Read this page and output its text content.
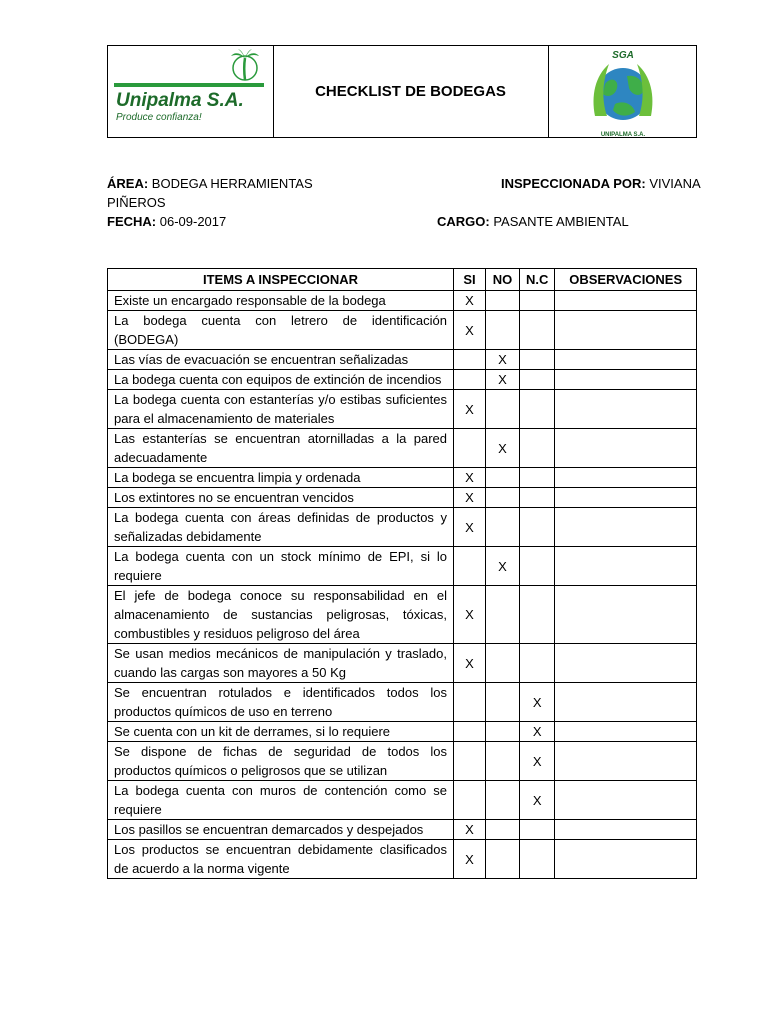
Unipalma S.A.
Produce confianza!
CHECKLIST DE BODEGAS
SGA
UNIPALMA S.A.
ÁREA: BODEGA HERRAMIENTAS
PIÑEROS
INSPECCIONADA POR: VIVIANA
FECHA: 06-09-2017	CARGO: PASANTE AMBIENTAL
ITEMS A INSPECCIONAR	SI	NO	N.C	OBSERVACIONES
Existe un encargado responsable de la bodega	X			
La bodega cuenta con letrero de identificación (BODEGA)	X			
Las vías de evacuación se encuentran señalizadas		X		
La bodega cuenta con equipos de extinción de incendios		X		
La bodega cuenta con estanterías y/o estibas suficientes para el almacenamiento de materiales	X			
Las estanterías se encuentran atornilladas a la pared adecuadamente		X		
La bodega se encuentra limpia y ordenada	X			
Los extintores no se encuentran vencidos	X			
La bodega cuenta con áreas definidas de productos y señalizadas debidamente	X			
La bodega cuenta con un stock mínimo de EPI, si lo requiere		X		
El jefe de bodega conoce su responsabilidad en el almacenamiento de sustancias peligrosas, tóxicas, combustibles y residuos peligroso del área	X			
Se usan medios mecánicos de manipulación y traslado, cuando las cargas son mayores a 50 Kg	X			
Se encuentran rotulados e identificados todos los productos químicos de uso en terreno			X	
Se cuenta con un kit de derrames, si lo requiere			X	
Se dispone de fichas de seguridad de todos los productos químicos o peligrosos que se utilizan			X	
La bodega cuenta con muros de contención como se requiere			X	
Los pasillos se encuentran demarcados y despejados	X			
Los productos se encuentran debidamente clasificados de acuerdo a la norma vigente	X			
